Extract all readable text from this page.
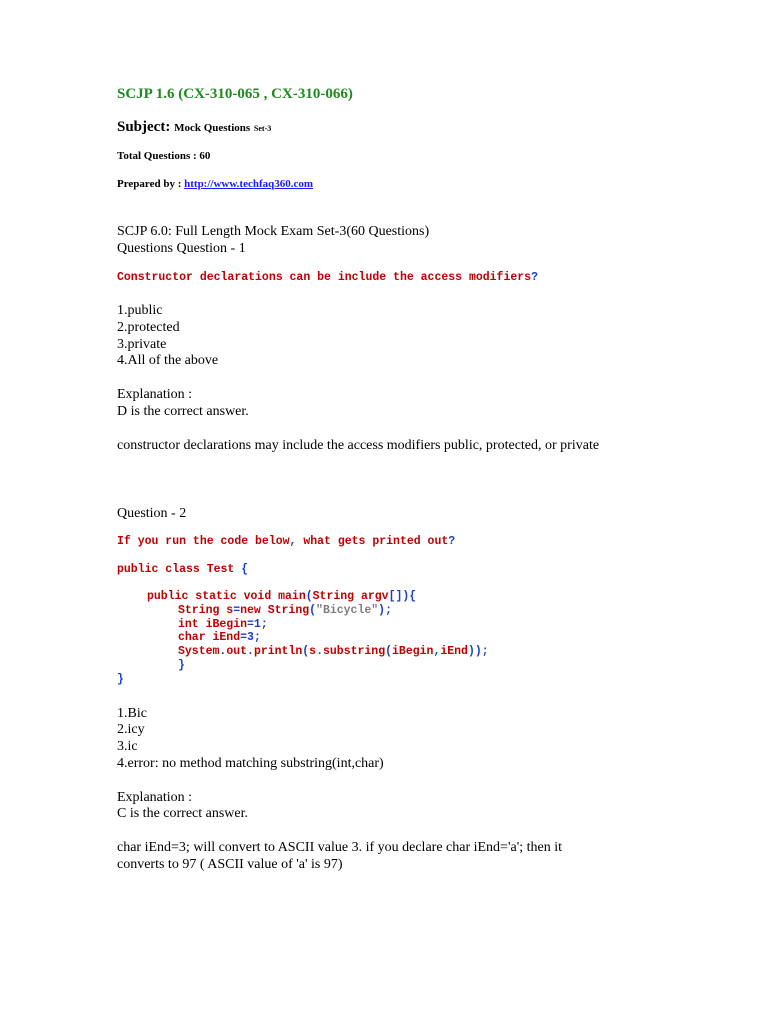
SCJP 1.6 (CX-310-065 , CX-310-066)
Subject: Mock Questions Set-3
Total Questions : 60
Prepared by : http://www.techfaq360.com
SCJP 6.0: Full Length Mock Exam Set-3(60 Questions)
Questions Question - 1
Constructor declarations can be include the access modifiers?
1.public
2.protected
3.private
4.All of the above
Explanation :
D is the correct answer.
constructor declarations may include the access modifiers public, protected, or private
Question - 2
If you run the code below, what gets printed out?
public class Test {
public static void main(String argv[]){
String s=new String("Bicycle");
int iBegin=1;
char iEnd=3;
System.out.println(s.substring(iBegin,iEnd));
}
}
1.Bic
2.icy
3.ic
4.error: no method matching substring(int,char)
Explanation :
C is the correct answer.
char iEnd=3; will convert to ASCII value 3. if you declare char iEnd='a'; then it
converts to 97 ( ASCII value of 'a' is 97)
